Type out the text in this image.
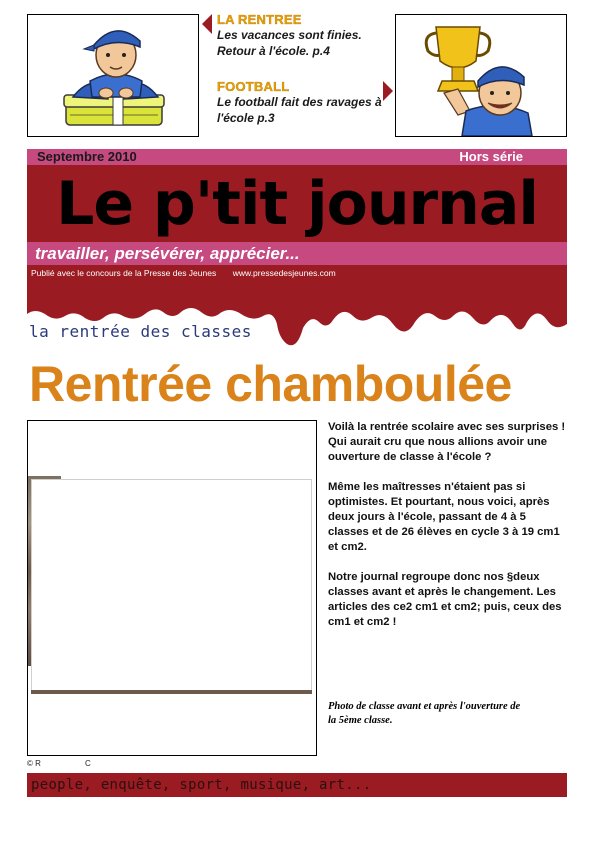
LA RENTREE
Les vacances sont finies. Retour à l'école. p.4
FOOTBALL
Le football fait des ravages à l'école p.3
Septembre 2010	Hors série
Le p'tit journal
travailler, persévérer, apprécier...
Publié avec le concours de la Presse des Jeunes       www.pressedesjeunes.com
la rentrée des classes
Rentrée chamboulée
Voilà la rentrée scolaire avec ses surprises ! Qui aurait cru que nous allions avoir une ouverture de classe à l'école ?
Même les maîtresses n'étaient pas si optimistes. Et pourtant, nous voici, après deux jours à l'école, passant de 4 à 5 classes et de 26 élèves en cycle 3 à 19 cm1 et cm2.
Notre journal regroupe donc nos §deux classes avant et après le changement. Les articles des ce2 cm1 et cm2; puis, ceux des cm1 et cm2 !
Photo de classe avant et après l'ouverture de la 5ème classe.
© R	C
people, enquête, sport, musique, art...
